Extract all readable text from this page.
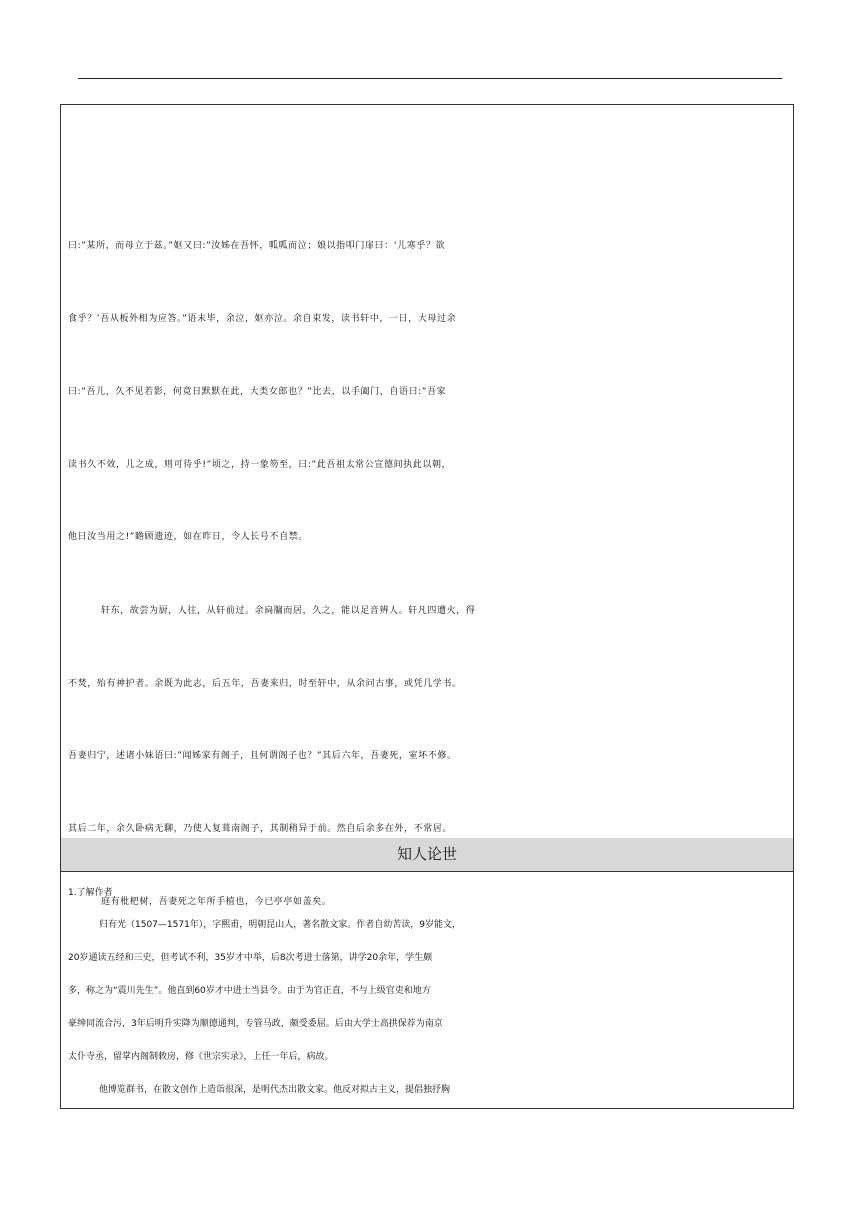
曰:”某所，而母立于兹。”妪又曰:”汝姊在吾怀，呱呱而泣；娘以指叩门扉曰：‘儿寒乎？欲
食乎？’吾从板外相为应答。”语未毕，余泣，妪亦泣。余自束发，读书轩中，一日，大母过余
曰:”吾儿，久不见若影，何竟日默默在此，大类女郎也？”比去，以手阖门，自语曰:”吾家
读书久不效，儿之成，则可待乎!”顷之，持一象笏至，曰:”此吾祖太常公宣德间执此以朝，
他日汝当用之!”瞻顾遗迹，如在昨日，令人长号不自禁。
轩东，故尝为厨，人往，从轩前过。余扃牖而居，久之，能以足音辨人。轩凡四遭火，得
不焚，殆有神护者。余既为此志，后五年，吾妻来归，时至轩中，从余问古事，或凭几学书。
吾妻归宁，述诸小妹语曰:”闻姊家有阁子，且何谓阁子也？”其后六年，吾妻死，室坏不修。
其后二年，余久卧病无聊，乃使人复葺南阁子，其制稍异于前。然自后余多在外，不常居。
庭有枇杷树，吾妻死之年所手植也，今已亭亭如盖矣。
知人论世
1.了解作者
归有光（1507—1571年），字熙甫，明朝昆山人，著名散文家。作者自幼苦读，9岁能文，
20岁通读五经和三史，但考试不利，35岁才中举，后8次考进士落第，讲学20余年，学生颇
多，称之为“震川先生”。他直到60岁才中进士当县令。由于为官正直，不与上级官吏和地方
豪绅同流合污，3年后明升实降为顺德通判，专管马政，颇受委屈。后由大学士高拱保荐为南京
太仆寺丞，留掌内阁制敕房，修《世宗实录》，上任一年后，病故。
他博览群书，在散文创作上造诣很深，是明代杰出散文家。他反对拟古主义，提倡独抒胸
